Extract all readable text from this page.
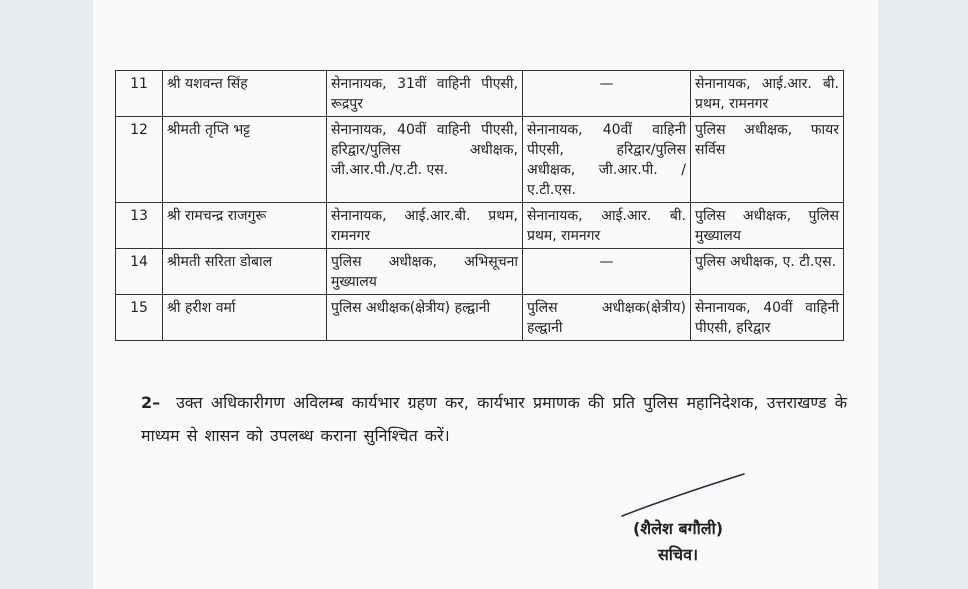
11	श्री यशवन्त सिंह	सेनानायक, 31वीं वाहिनी पीएसी, रूद्रपुर	—	सेनानायक, आई.आर. बी. प्रथम, रामनगर
12	श्रीमती तृप्ति भट्ट	सेनानायक, 40वीं वाहिनी पीएसी, हरिद्वार/पुलिस अधीक्षक, जी.आर.पी./ए.टी. एस.	सेनानायक, 40वीं वाहिनी पीएसी, हरिद्वार/पुलिस अधीक्षक, जी.आर.पी. /ए.टी.एस.	पुलिस अधीक्षक, फायर सर्विस
13	श्री रामचन्द्र राजगुरू	सेनानायक, आई.आर.बी. प्रथम, रामनगर	सेनानायक, आई.आर. बी. प्रथम, रामनगर	पुलिस अधीक्षक, पुलिस मुख्यालय
14	श्रीमती सरिता डोबाल	पुलिस अधीक्षक, अभिसूचना मुख्यालय	—	पुलिस अधीक्षक, ए. टी.एस.
15	श्री हरीश वर्मा	पुलिस अधीक्षक(क्षेत्रीय) हल्द्वानी	पुलिस अधीक्षक(क्षेत्रीय) हल्द्वानी	सेनानायक, 40वीं वाहिनी पीएसी, हरिद्वार
2– उक्त अधिकारीगण अविलम्ब कार्यभार ग्रहण कर, कार्यभार प्रमाणक की प्रति पुलिस महानिदेशक, उत्तराखण्ड के माध्यम से शासन को उपलब्ध कराना सुनिश्चित करें।
(शैलेश बगौली)
सचिव।
